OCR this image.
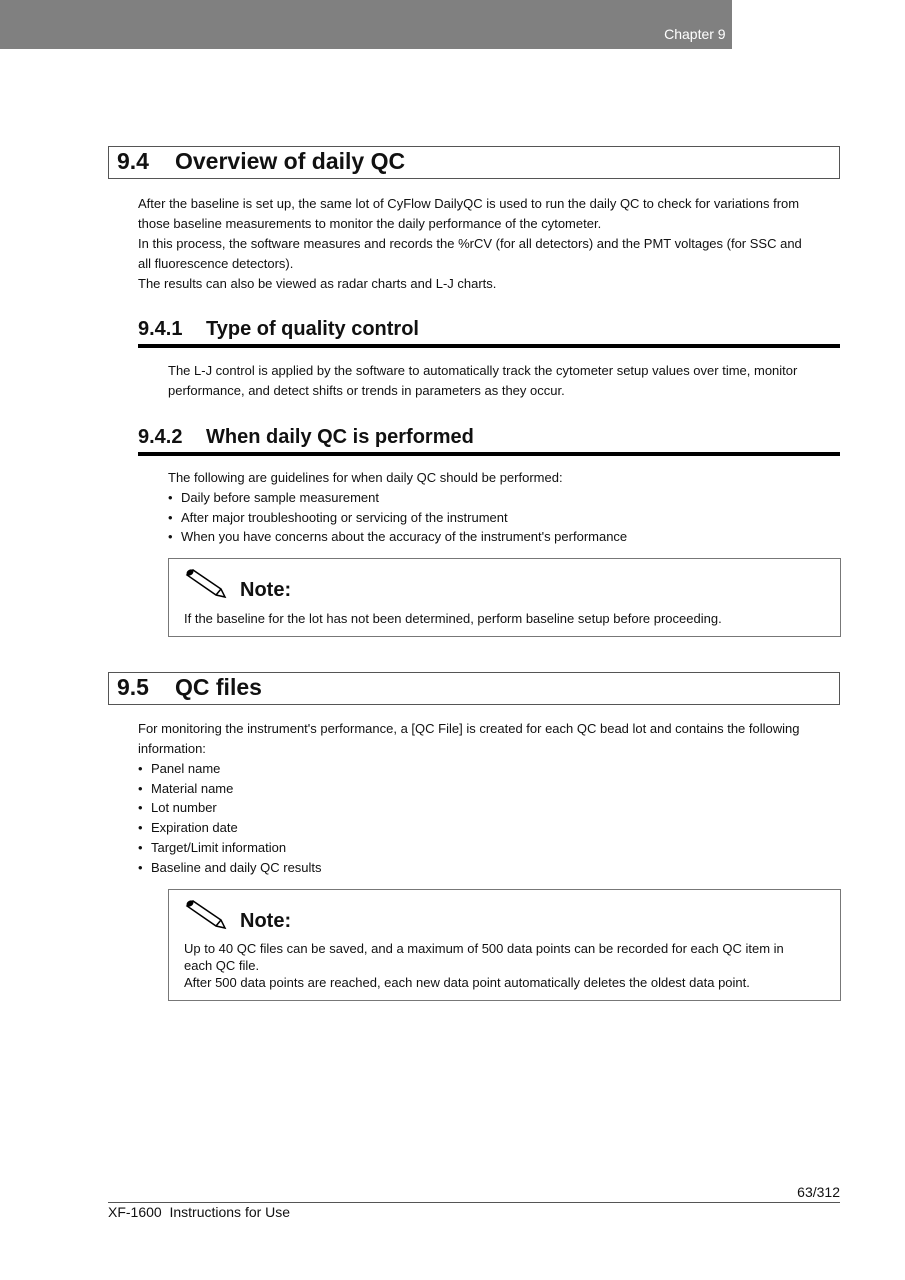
Chapter 9 Cytometer QC and setup
9.4 Overview of daily QC
After the baseline is set up, the same lot of CyFlow DailyQC is used to run the daily QC to check for variations from
those baseline measurements to monitor the daily performance of the cytometer.
In this process, the software measures and records the %rCV (for all detectors) and the PMT voltages (for SSC and
all fluorescence detectors).
The results can also be viewed as radar charts and L-J charts.
9.4.1 Type of quality control
The L-J control is applied by the software to automatically track the cytometer setup values over time, monitor
performance, and detect shifts or trends in parameters as they occur.
9.4.2 When daily QC is performed
The following are guidelines for when daily QC should be performed:
• Daily before sample measurement
• After major troubleshooting or servicing of the instrument
• When you have concerns about the accuracy of the instrument's performance
Note:
If the baseline for the lot has not been determined, perform baseline setup before proceeding.
9.5 QC files
For monitoring the instrument's performance, a [QC File] is created for each QC bead lot and contains the following
information:
• Panel name
• Material name
• Lot number
• Expiration date
• Target/Limit information
• Baseline and daily QC results
Note:
Up to 40 QC files can be saved, and a maximum of 500 data points can be recorded for each QC item in
each QC file.
After 500 data points are reached, each new data point automatically deletes the oldest data point.
63/312
XF-1600  Instructions for Use
